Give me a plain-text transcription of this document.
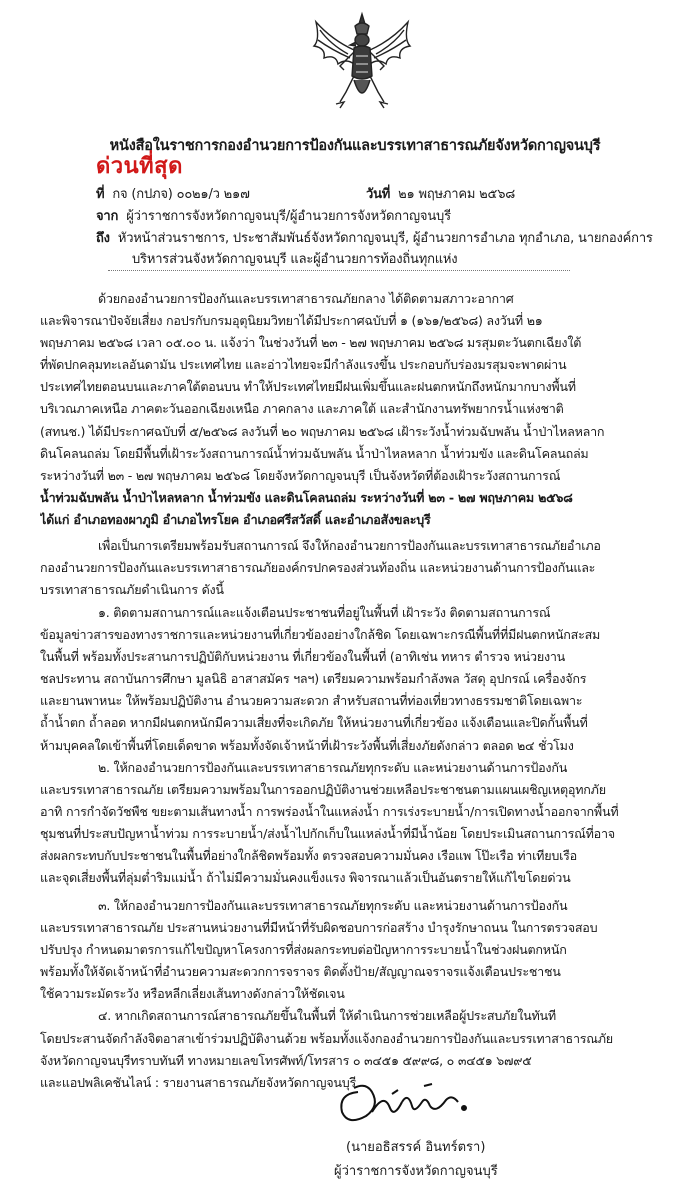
หนังสือในราชการกองอำนวยการป้องกันและบรรเทาสาธารณภัยจังหวัดกาญจนบุรี
ด่วนที่สุด
ที่ กจ (กปภจ) ๐๐๒๑/ว ๒๑๗	วันที่ ๒๑ พฤษภาคม ๒๕๖๘
จาก ผู้ว่าราชการจังหวัดกาญจนบุรี/ผู้อำนวยการจังหวัดกาญจนบุรี
ถึง หัวหน้าส่วนราชการ, ประชาสัมพันธ์จังหวัดกาญจนบุรี, ผู้อำนวยการอำเภอ ทุกอำเภอ, นายกองค์การ
บริหารส่วนจังหวัดกาญจนบุรี และผู้อำนวยการท้องถิ่นทุกแห่ง
ด้วยกองอำนวยการป้องกันและบรรเทาสาธารณภัยกลาง ได้ติดตามสภาวะอากาศ
และพิจารณาปัจจัยเสี่ยง กอปรกับกรมอุตุนิยมวิทยาได้มีประกาศฉบับที่ ๑ (๑๖๑/๒๕๖๘) ลงวันที่ ๒๑
พฤษภาคม ๒๕๖๘ เวลา ๐๕.๐๐ น. แจ้งว่า ในช่วงวันที่ ๒๓ - ๒๗ พฤษภาคม ๒๕๖๘ มรสุมตะวันตกเฉียงใต้
ที่พัดปกคลุมทะเลอันดามัน ประเทศไทย และอ่าวไทยจะมีกำลังแรงขึ้น ประกอบกับร่องมรสุมจะพาดผ่าน
ประเทศไทยตอนบนและภาคใต้ตอนบน ทำให้ประเทศไทยมีฝนเพิ่มขึ้นและฝนตกหนักถึงหนักมากบางพื้นที่
บริเวณภาคเหนือ ภาคตะวันออกเฉียงเหนือ ภาคกลาง และภาคใต้ และสำนักงานทรัพยากรน้ำแห่งชาติ
(สทนช.) ได้มีประกาศฉบับที่ ๕/๒๕๖๘ ลงวันที่ ๒๐ พฤษภาคม ๒๕๖๘ เฝ้าระวังน้ำท่วมฉับพลัน น้ำป่าไหลหลาก
ดินโคลนถล่ม โดยมีพื้นที่เฝ้าระวังสถานการณ์น้ำท่วมฉับพลัน น้ำป่าไหลหลาก น้ำท่วมขัง และดินโคลนถล่ม
ระหว่างวันที่ ๒๓ - ๒๗ พฤษภาคม ๒๕๖๘ โดยจังหวัดกาญจนบุรี เป็นจังหวัดที่ต้องเฝ้าระวังสถานการณ์
น้ำท่วมฉับพลัน น้ำป่าไหลหลาก น้ำท่วมขัง และดินโคลนถล่ม ระหว่างวันที่ ๒๓ - ๒๗ พฤษภาคม ๒๕๖๘
ได้แก่ อำเภอทองผาภูมิ อำเภอไทรโยค อำเภอศรีสวัสดิ์ และอำเภอสังขละบุรี
เพื่อเป็นการเตรียมพร้อมรับสถานการณ์ จึงให้กองอำนวยการป้องกันและบรรเทาสาธารณภัยอำเภอ
กองอำนวยการป้องกันและบรรเทาสาธารณภัยองค์กรปกครองส่วนท้องถิ่น และหน่วยงานด้านการป้องกันและ
บรรเทาสาธารณภัยดำเนินการ ดังนี้
๑. ติดตามสถานการณ์และแจ้งเตือนประชาชนที่อยู่ในพื้นที่ เฝ้าระวัง ติดตามสถานการณ์
ข้อมูลข่าวสารของทางราชการและหน่วยงานที่เกี่ยวข้องอย่างใกล้ชิด โดยเฉพาะกรณีพื้นที่ที่มีฝนตกหนักสะสม
ในพื้นที่ พร้อมทั้งประสานการปฏิบัติกับหน่วยงาน ที่เกี่ยวข้องในพื้นที่ (อาทิเช่น ทหาร ตำรวจ หน่วยงาน
ชลประทาน สถาบันการศึกษา มูลนิธิ อาสาสมัคร ฯลฯ) เตรียมความพร้อมกำลังพล วัสดุ อุปกรณ์ เครื่องจักร
และยานพาหนะ ให้พร้อมปฏิบัติงาน อำนวยความสะดวก สำหรับสถานที่ท่องเที่ยวทางธรรมชาติโดยเฉพาะ
ถ้ำน้ำตก ถ้ำลอด หากมีฝนตกหนักมีความเสี่ยงที่จะเกิดภัย ให้หน่วยงานที่เกี่ยวข้อง แจ้งเตือนและปิดกั้นพื้นที่
ห้ามบุคคลใดเข้าพื้นที่โดยเด็ดขาด พร้อมทั้งจัดเจ้าหน้าที่เฝ้าระวังพื้นที่เสี่ยงภัยดังกล่าว ตลอด ๒๔ ชั่วโมง
๒. ให้กองอำนวยการป้องกันและบรรเทาสาธารณภัยทุกระดับ และหน่วยงานด้านการป้องกัน
และบรรเทาสาธารณภัย เตรียมความพร้อมในการออกปฏิบัติงานช่วยเหลือประชาชนตามแผนเผชิญเหตุอุทกภัย
อาทิ การกำจัดวัชพืช ขยะตามเส้นทางน้ำ การพร่องน้ำในแหล่งน้ำ การเร่งระบายน้ำ/การเปิดทางน้ำออกจากพื้นที่
ชุมชนที่ประสบปัญหาน้ำท่วม การระบายน้ำ/ส่งน้ำไปกักเก็บในแหล่งน้ำที่มีน้ำน้อย โดยประเมินสถานการณ์ที่อาจ
ส่งผลกระทบกับประชาชนในพื้นที่อย่างใกล้ชิดพร้อมทั้ง ตรวจสอบความมั่นคง เรือแพ โป๊ะเรือ ท่าเทียบเรือ
และจุดเสี่ยงพื้นที่ลุ่มต่ำริมแม่น้ำ ถ้าไม่มีความมั่นคงแข็งแรง พิจารณาแล้วเป็นอันตรายให้แก้ไขโดยด่วน
๓. ให้กองอำนวยการป้องกันและบรรเทาสาธารณภัยทุกระดับ และหน่วยงานด้านการป้องกัน
และบรรเทาสาธารณภัย ประสานหน่วยงานที่มีหน้าที่รับผิดชอบการก่อสร้าง บำรุงรักษาถนน ในการตรวจสอบ
ปรับปรุง กำหนดมาตรการแก้ไขปัญหาโครงการที่ส่งผลกระทบต่อปัญหาการระบายน้ำในช่วงฝนตกหนัก
พร้อมทั้งให้จัดเจ้าหน้าที่อำนวยความสะดวกการจราจร ติดตั้งป้าย/สัญญาณจราจรแจ้งเตือนประชาชน
ใช้ความระมัดระวัง หรือหลีกเลี่ยงเส้นทางดังกล่าวให้ชัดเจน
๔. หากเกิดสถานการณ์สาธารณภัยขึ้นในพื้นที่ ให้ดำเนินการช่วยเหลือผู้ประสบภัยในทันที
โดยประสานจัดกำลังจิตอาสาเข้าร่วมปฏิบัติงานด้วย พร้อมทั้งแจ้งกองอำนวยการป้องกันและบรรเทาสาธารณภัย
จังหวัดกาญจนบุรีทราบทันที ทางหมายเลขโทรศัพท์/โทรสาร ๐ ๓๔๕๑ ๕๙๙๘, ๐ ๓๔๕๑ ๖๗๙๕
และแอปพลิเคชันไลน์ : รายงานสาธารณภัยจังหวัดกาญจนบุรี
(นายอธิสรรค์ อินทร์ตรา)
ผู้ว่าราชการจังหวัดกาญจนบุรี
